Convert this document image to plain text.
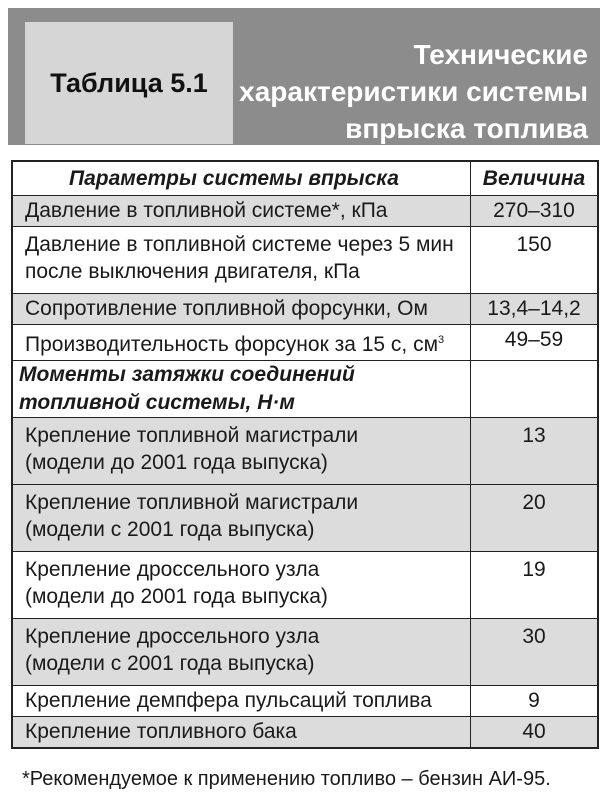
Таблица 5.1
Технические
характеристики системы
впрыска топлива
Параметры системы впрыска	Величина
Давление в топливной системе*, кПа	270–310

Давление в топливной системе через 5 мин
после выключения двигателя, кПа	150
Сопротивление топливной форсунки, Ом	13,4–14,2
Производительность форсунок за 15 с, $см^3$	49–59

Моменты затяжки соединений
топливной системы, Н·м	

Крепление топливной магистрали
(модели до 2001 года выпуска)	13

Крепление топливной магистрали
(модели с 2001 года выпуска)	20

Крепление дроссельного узла
(модели до 2001 года выпуска)	19

Крепление дроссельного узла
(модели с 2001 года выпуска)	30
Крепление демпфера пульсаций топлива	9
Крепление топливного бака	40
*Рекомендуемое к применению топливо – бензин АИ-95.
